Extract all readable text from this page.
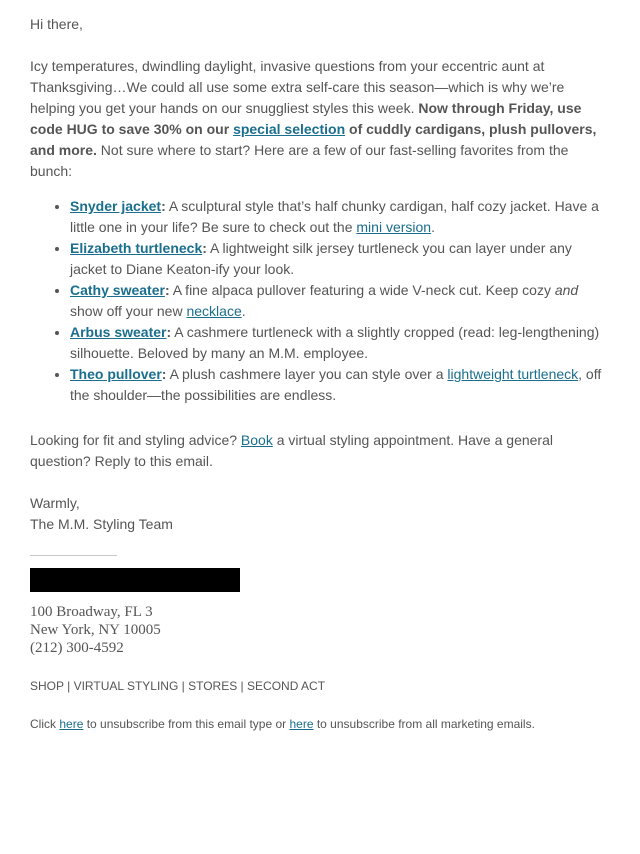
Hi there,

Icy temperatures, dwindling daylight, invasive questions from your eccentric aunt at Thanksgiving…We could all use some extra self-care this season—which is why we’re helping you get your hands on our snuggliest styles this week. Now through Friday, use code HUG to save 30% on our special selection of cuddly cardigans, plush pullovers, and more. Not sure where to start? Here are a few of our fast-selling favorites from the bunch:

• Snyder jacket: A sculptural style that’s half chunky cardigan, half cozy jacket. Have a little one in your life? Be sure to check out the mini version.
• Elizabeth turtleneck: A lightweight silk jersey turtleneck you can layer under any jacket to Diane Keaton-ify your look.
• Cathy sweater: A fine alpaca pullover featuring a wide V-neck cut. Keep cozy and show off your new necklace.
• Arbus sweater: A cashmere turtleneck with a slightly cropped (read: leg-lengthening) silhouette. Beloved by many an M.M. employee.
• Theo pullover: A plush cashmere layer you can style over a lightweight turtleneck, off the shoulder—the possibilities are endless.

Looking for fit and styling advice? Book a virtual styling appointment. Have a general question? Reply to this email.

Warmly,

The M.M. Styling Team

100 Broadway, FL 3
New York, NY 10005
(212) 300-4592
SHOP | VIRTUAL STYLING | STORES | SECOND ACT
Click here to unsubscribe from this email type or here to unsubscribe from all marketing emails.
